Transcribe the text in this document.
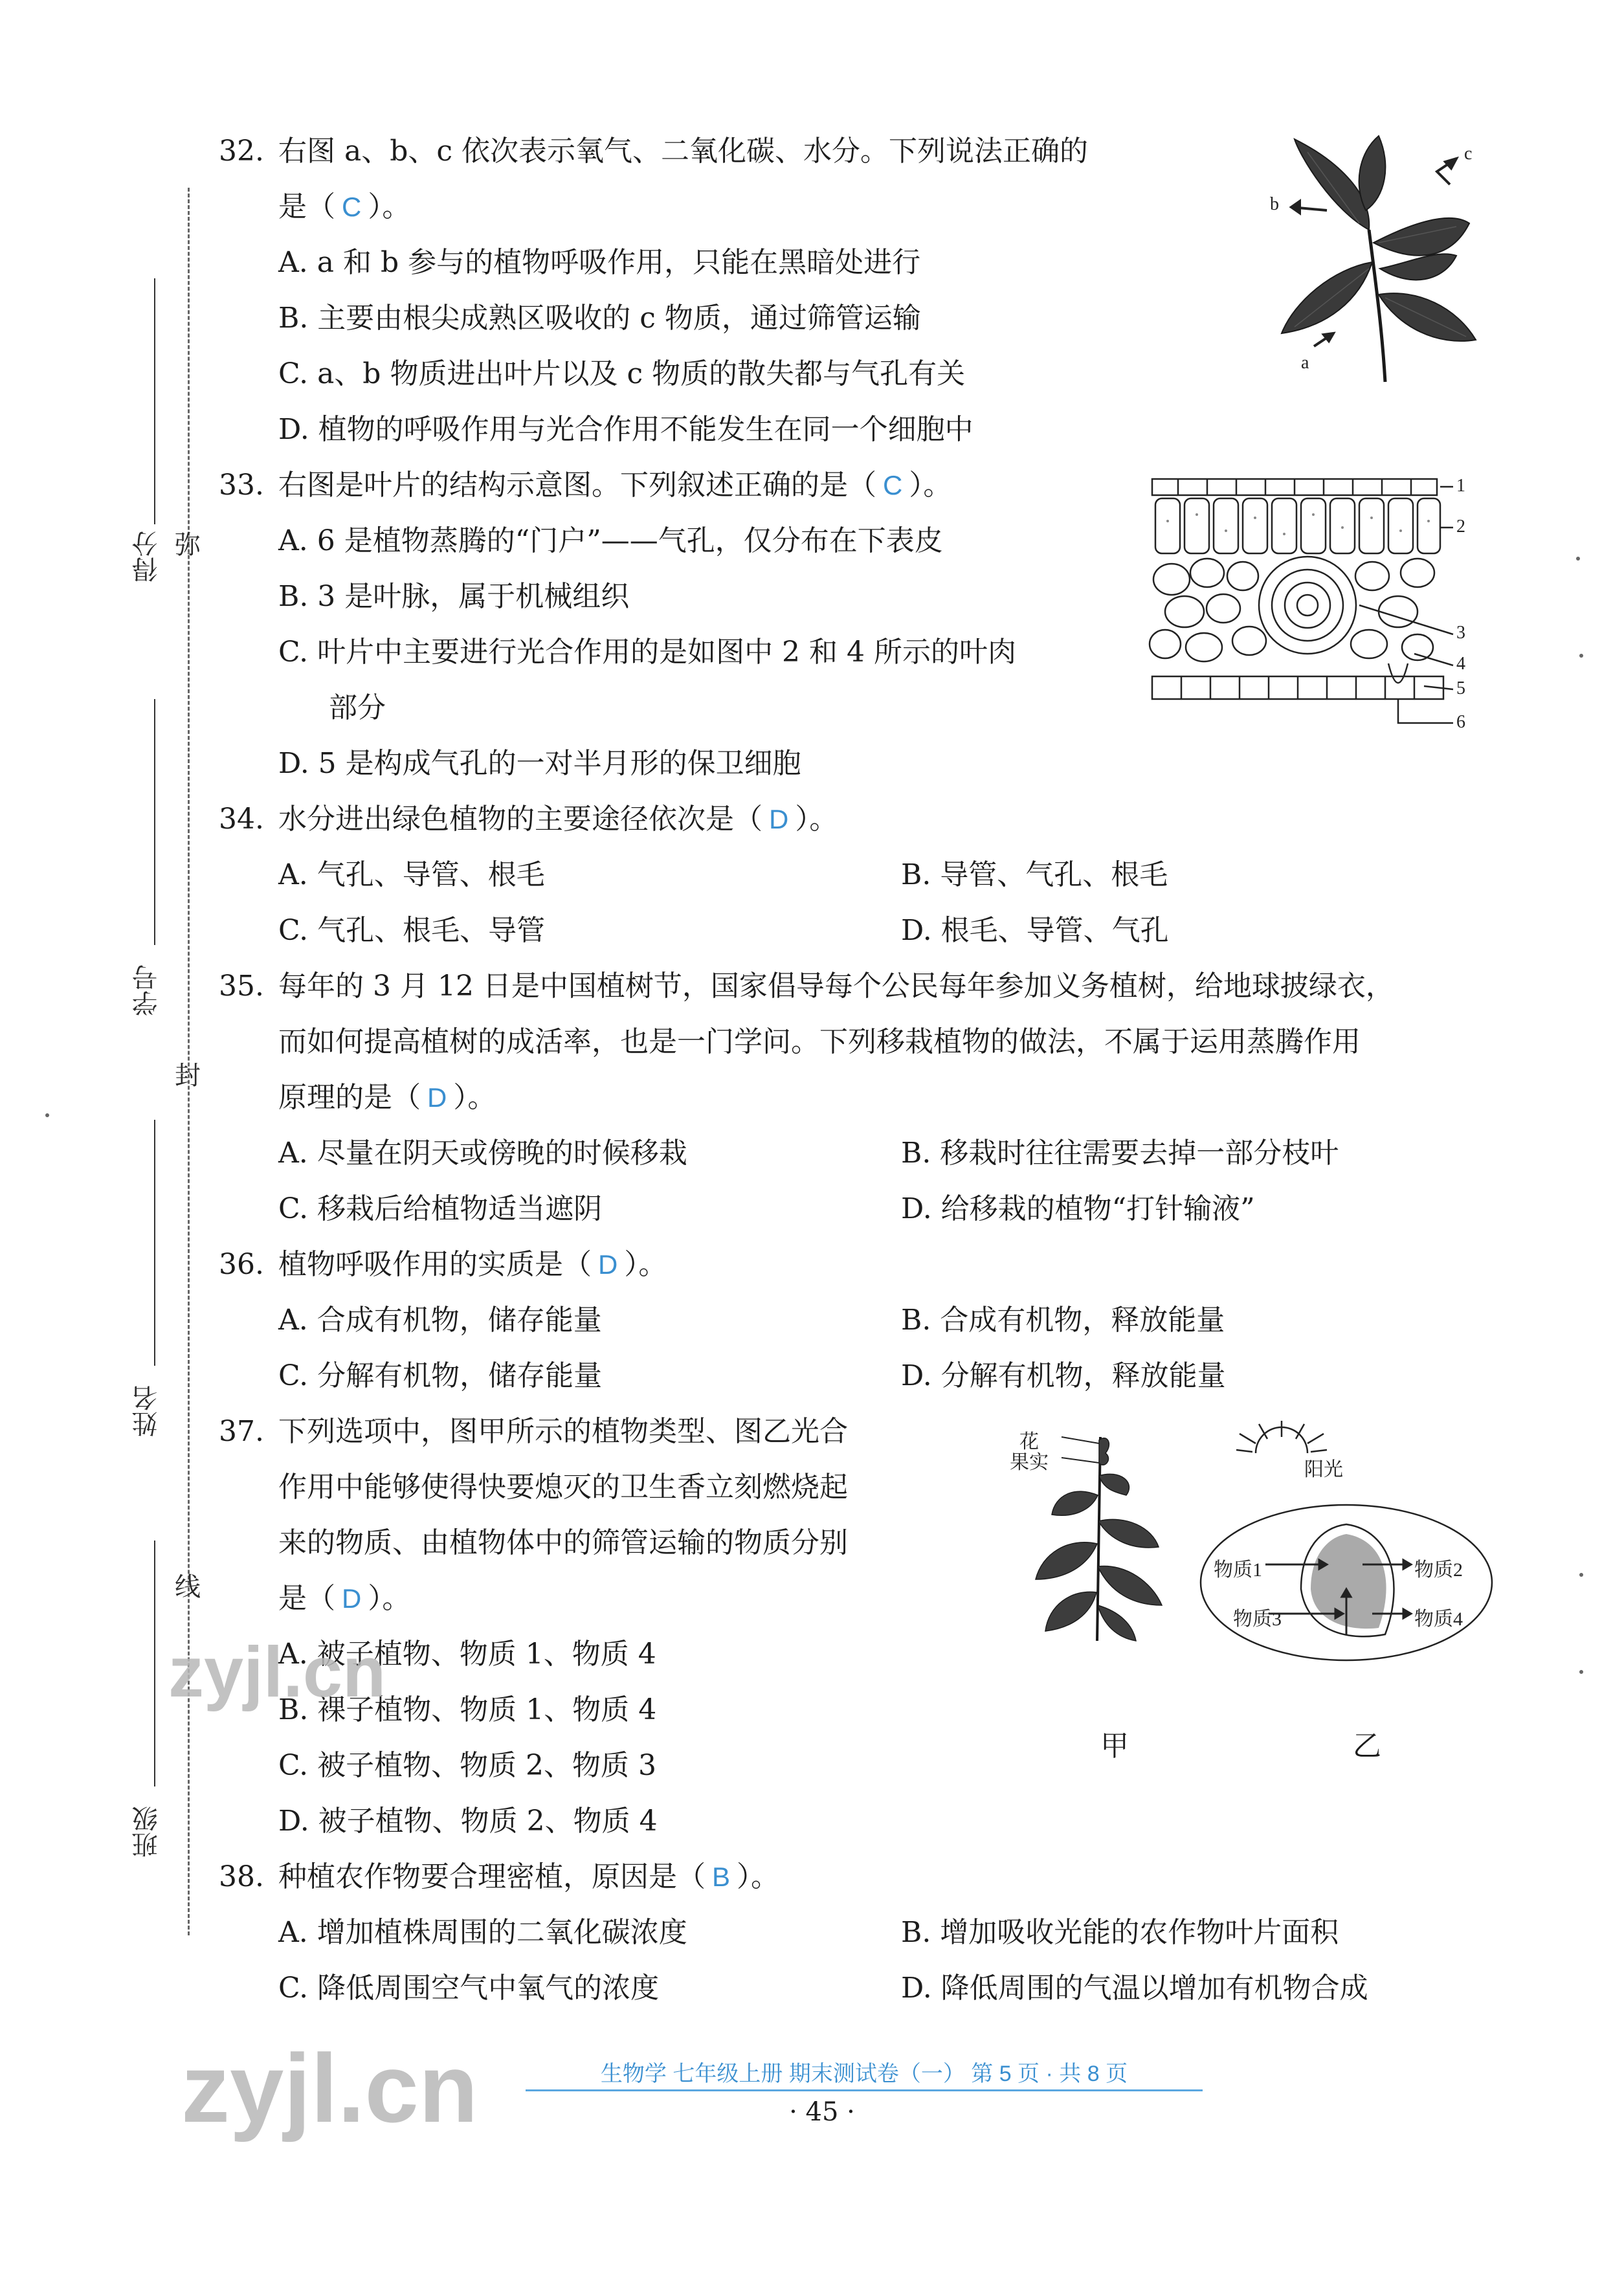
得分 弥
学号
封
姓名
线
班级
32. 右图 a、b、c 依次表示氧气、二氧化碳、水分。下列说法正确的
是（ C ）。
A. a 和 b 参与的植物呼吸作用，只能在黑暗处进行
B. 主要由根尖成熟区吸收的 c 物质，通过筛管运输
C. a、b 物质进出叶片以及 c 物质的散失都与气孔有关
D. 植物的呼吸作用与光合作用不能发生在同一个细胞中
b
c
a
33. 右图是叶片的结构示意图。下列叙述正确的是（ C ）。
A. 6 是植物蒸腾的“门户”——气孔，仅分布在下表皮
B. 3 是叶脉，属于机械组织
C. 叶片中主要进行光合作用的是如图中 2 和 4 所示的叶肉
部分
D. 5 是构成气孔的一对半月形的保卫细胞
1
2
3
4
5
6
34. 水分进出绿色植物的主要途径依次是（ D ）。
A. 气孔、导管、根毛	B. 导管、气孔、根毛
C. 气孔、根毛、导管	D. 根毛、导管、气孔
35. 每年的 3 月 12 日是中国植树节，国家倡导每个公民每年参加义务植树，给地球披绿衣，
而如何提高植树的成活率，也是一门学问。下列移栽植物的做法，不属于运用蒸腾作用
原理的是（ D ）。
A. 尽量在阴天或傍晚的时候移栽	B. 移栽时往往需要去掉一部分枝叶
C. 移栽后给植物适当遮阴	D. 给移栽的植物“打针输液”
36. 植物呼吸作用的实质是（ D ）。
A. 合成有机物，储存能量	B. 合成有机物，释放能量
C. 分解有机物，储存能量	D. 分解有机物，释放能量
37. 下列选项中，图甲所示的植物类型、图乙光合
作用中能够使得快要熄灭的卫生香立刻燃烧起
来的物质、由植物体中的筛管运输的物质分别
是（ D ）。
A. 被子植物、物质 1、物质 4
B. 裸子植物、物质 1、物质 4
C. 被子植物、物质 2、物质 3
D. 被子植物、物质 2、物质 4
花
果实
甲
阳光
物质1	物质2
物质3	物质4
乙
38. 种植农作物要合理密植，原因是（ B ）。
A. 增加植株周围的二氧化碳浓度	B. 增加吸收光能的农作物叶片面积
C. 降低周围空气中氧气的浓度	D. 降低周围的气温以增加有机物合成
生物学 七年级上册 期末测试卷（一） 第 5 页 · 共 8 页
· 45 ·
zyjl.cn
zyjl.cn
